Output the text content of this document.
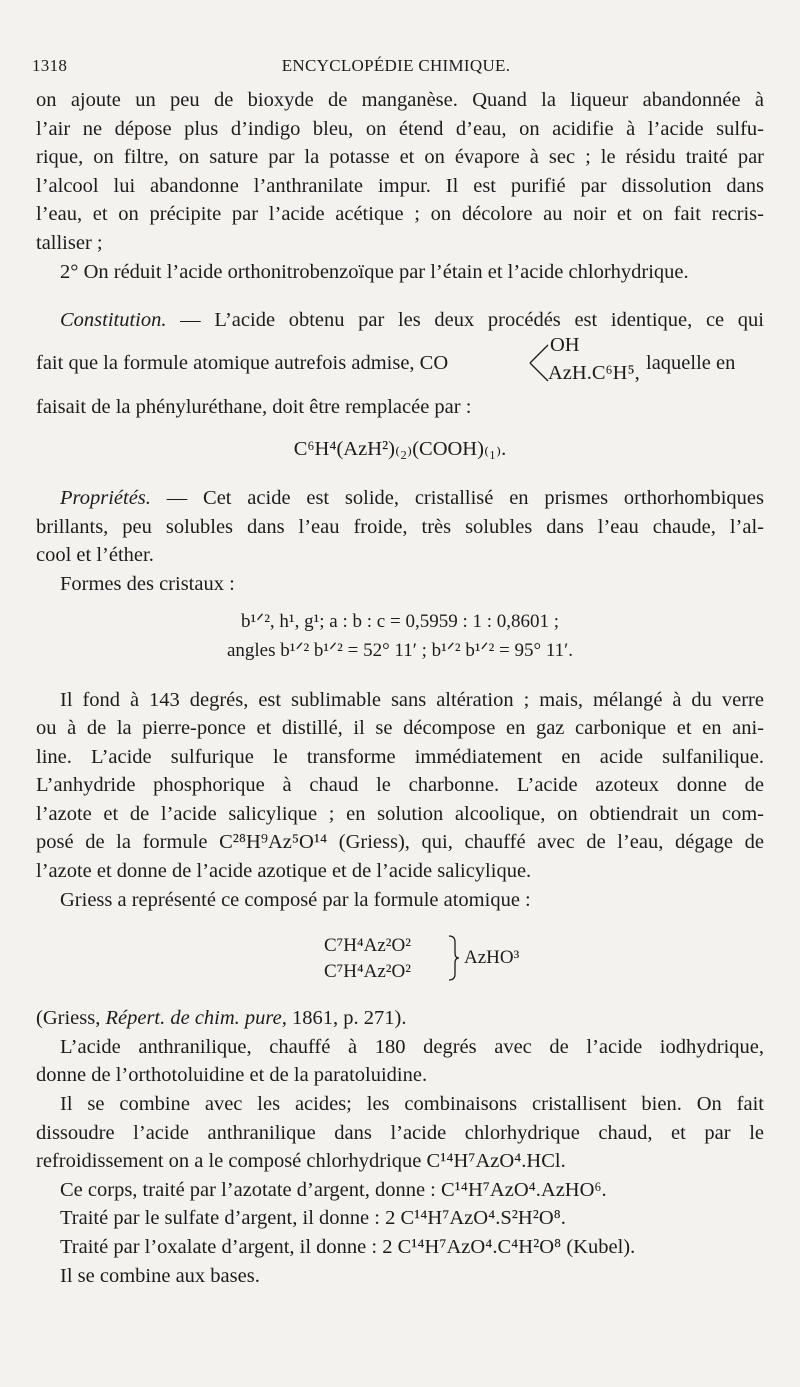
1318	ENCYCLOPÉDIE CHIMIQUE.
on ajoute un peu de bioxyde de manganèse. Quand la liqueur abandonnée à
l’air ne dépose plus d’indigo bleu, on étend d’eau, on acidifie à l’acide sulfu-
rique, on filtre, on sature par la potasse et on évapore à sec ; le résidu traité par
l’alcool lui abandonne l’anthranilate impur. Il est purifié par dissolution dans
l’eau, et on précipite par l’acide acétique ; on décolore au noir et on fait recris-
talliser ;
2° On réduit l’acide orthonitrobenzoïque par l’étain et l’acide chlorhydrique.
Constitution. — L’acide obtenu par les deux procédés est identique, ce qui
fait que la formule atomique autrefois admise, CO
OH
AzH.C⁶H⁵, laquelle en
faisait de la phényluréthane, doit être remplacée par :
C⁶H⁴(AzH²)₍₂₎(COOH)₍₁₎.
Propriétés. — Cet acide est solide, cristallisé en prismes orthorhombiques
brillants, peu solubles dans l’eau froide, très solubles dans l’eau chaude, l’al-
cool et l’éther.
Formes des cristaux :
b¹ᐟ², h¹, g¹; a : b : c = 0,5959 : 1 : 0,8601 ;
angles b¹ᐟ² b¹ᐟ² = 52° 11′ ; b¹ᐟ² b¹ᐟ² = 95° 11′.
Il fond à 143 degrés, est sublimable sans altération ; mais, mélangé à du verre
ou à de la pierre-ponce et distillé, il se décompose en gaz carbonique et en ani-
line. L’acide sulfurique le transforme immédiatement en acide sulfanilique.
L’anhydride phosphorique à chaud le charbonne. L’acide azoteux donne de
l’azote et de l’acide salicylique ; en solution alcoolique, on obtiendrait un com-
posé de la formule C²⁸H⁹Az⁵O¹⁴ (Griess), qui, chauffé avec de l’eau, dégage de
l’azote et donne de l’acide azotique et de l’acide salicylique.
Griess a représenté ce composé par la formule atomique :
C⁷H⁴Az²O²
C⁷H⁴Az²O²
AzHO³
(Griess, Répert. de chim. pure, 1861, p. 271).
L’acide anthranilique, chauffé à 180 degrés avec de l’acide iodhydrique,
donne de l’orthotoluidine et de la paratoluidine.
Il se combine avec les acides; les combinaisons cristallisent bien. On fait
dissoudre l’acide anthranilique dans l’acide chlorhydrique chaud, et par le
refroidissement on a le composé chlorhydrique C¹⁴H⁷AzO⁴.HCl.
Ce corps, traité par l’azotate d’argent, donne : C¹⁴H⁷AzO⁴.AzHO⁶.
Traité par le sulfate d’argent, il donne : 2 C¹⁴H⁷AzO⁴.S²H²O⁸.
Traité par l’oxalate d’argent, il donne : 2 C¹⁴H⁷AzO⁴.C⁴H²O⁸ (Kubel).
Il se combine aux bases.
